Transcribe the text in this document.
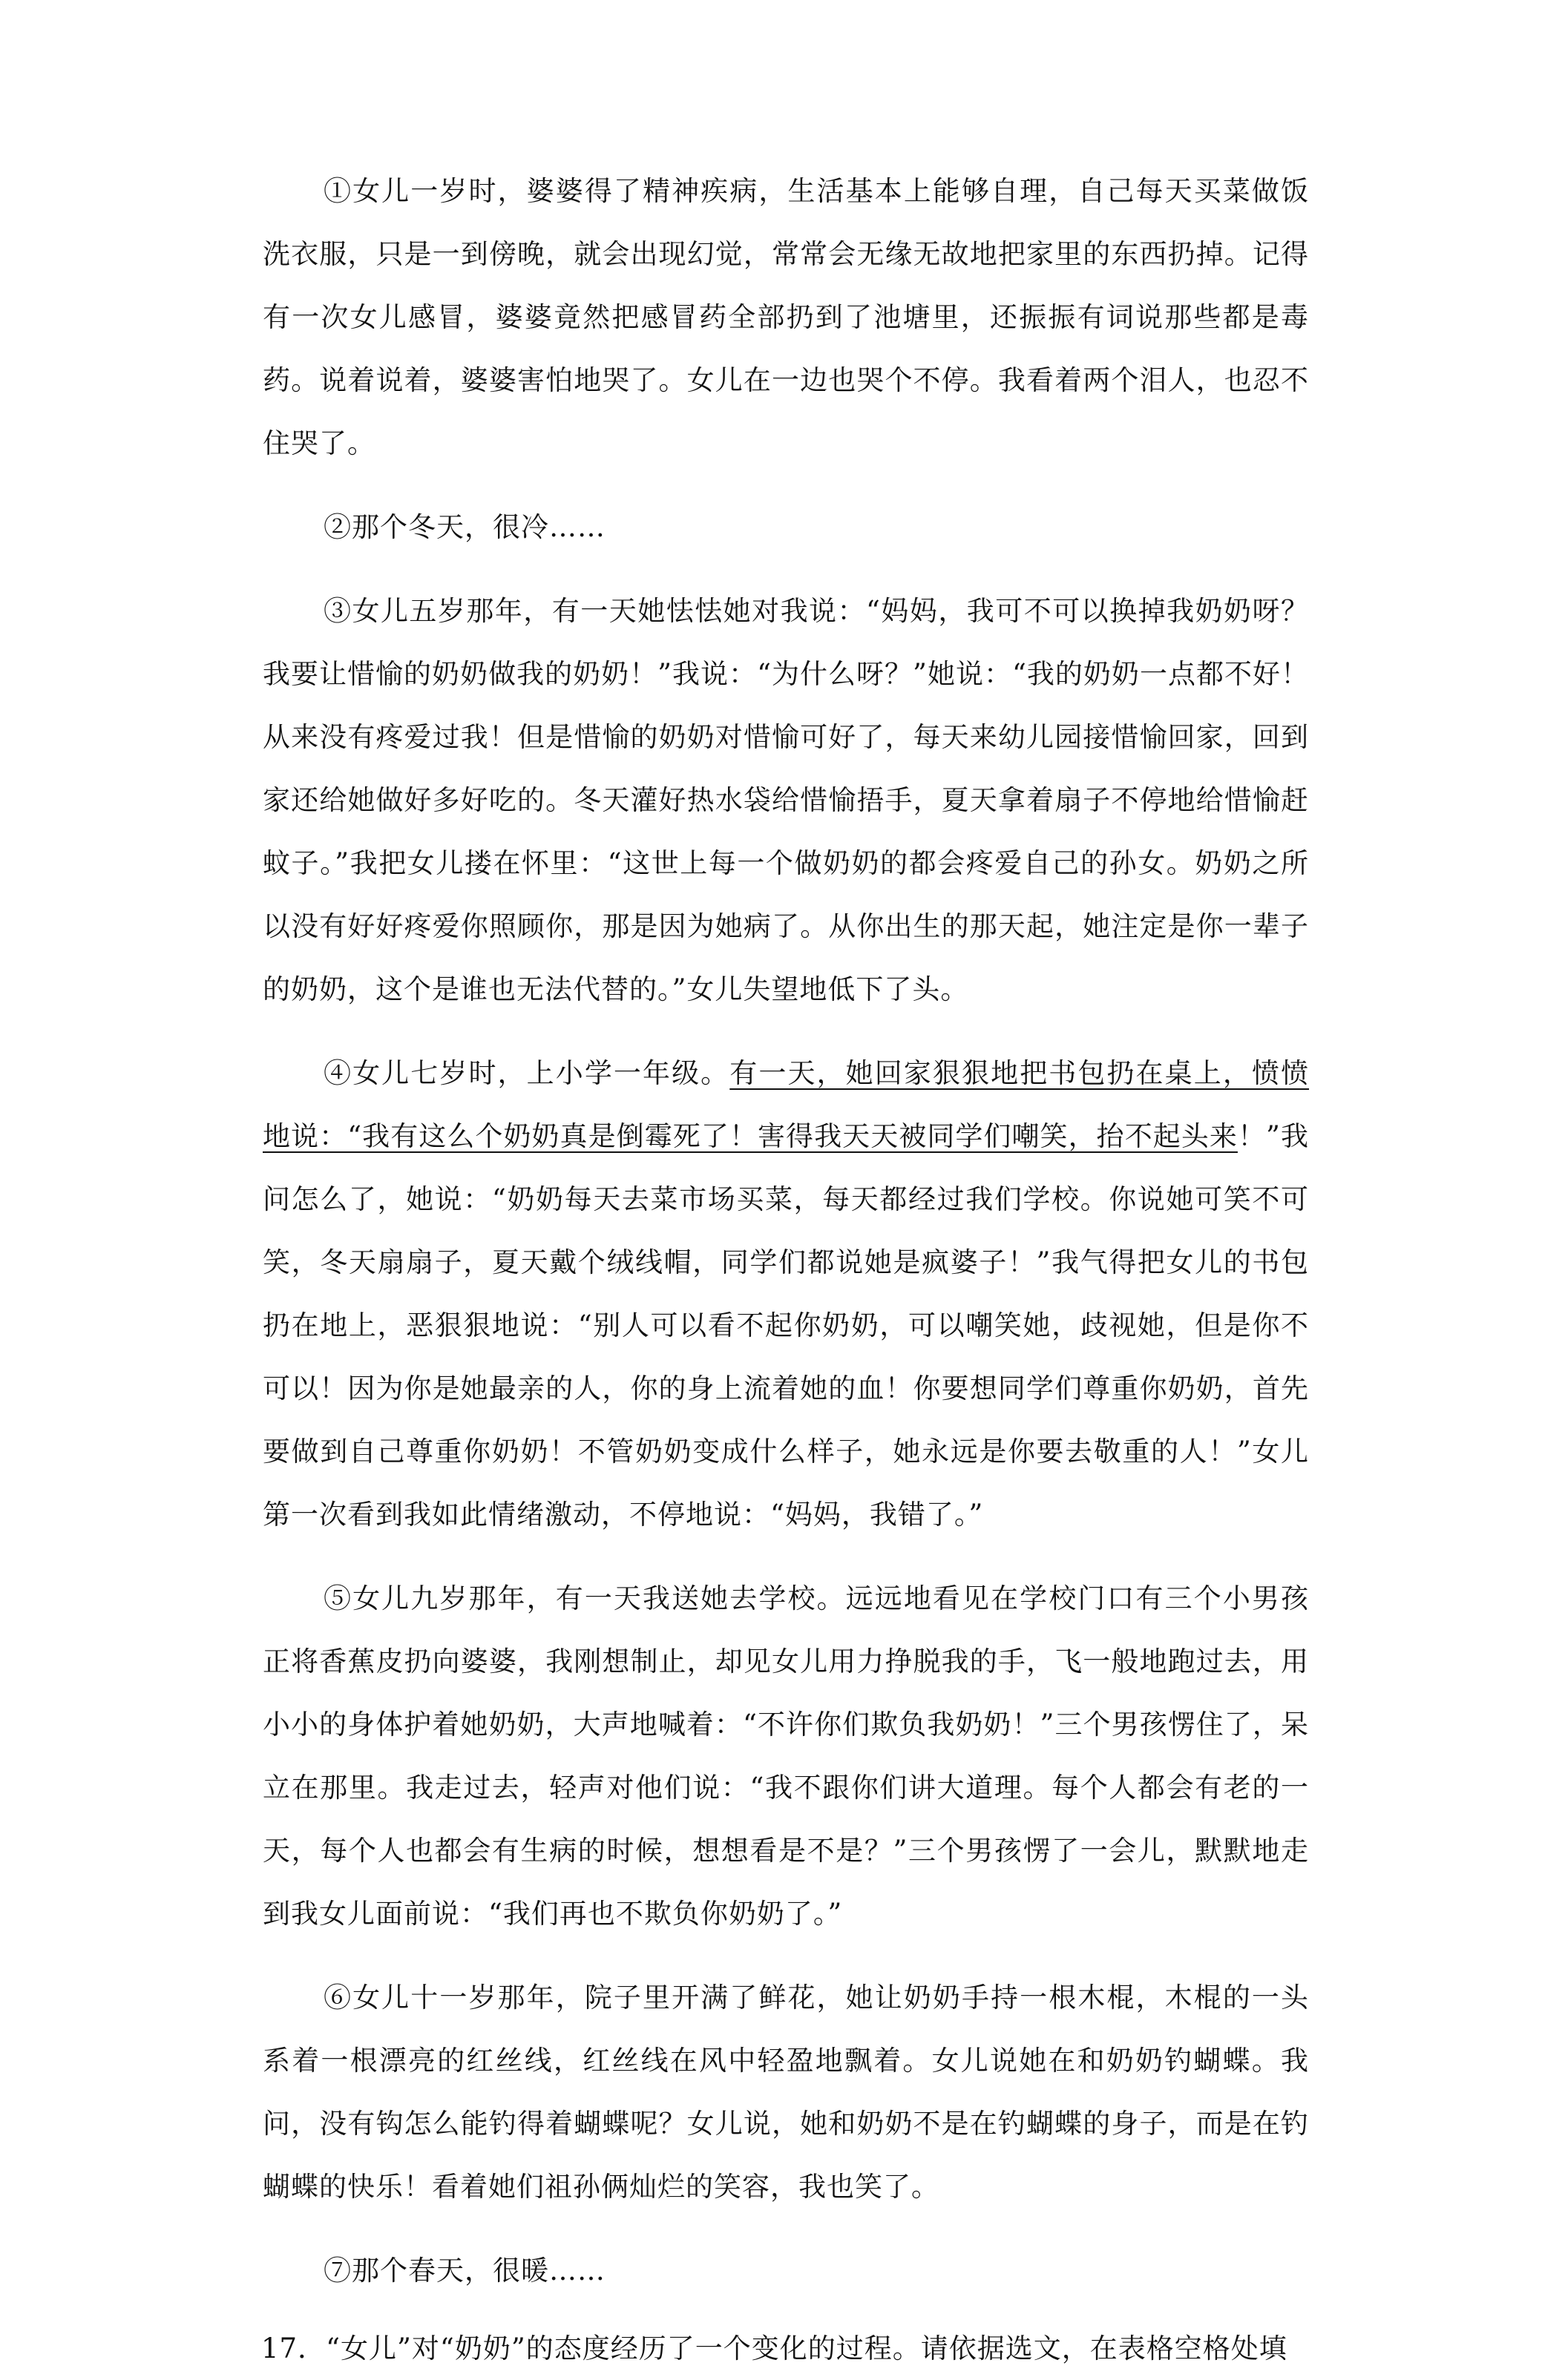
①女儿一岁时，婆婆得了精神疾病，生活基本上能够自理，自己每天买菜做饭洗衣服，只是一到傍晚，就会出现幻觉，常常会无缘无故地把家里的东西扔掉。记得有一次女儿感冒，婆婆竟然把感冒药全部扔到了池塘里，还振振有词说那些都是毒药。说着说着，婆婆害怕地哭了。女儿在一边也哭个不停。我看着两个泪人，也忍不住哭了。

②那个冬天，很冷……

③女儿五岁那年，有一天她怯怯她对我说：“妈妈，我可不可以换掉我奶奶呀？我要让惜愉的奶奶做我的奶奶！”我说：“为什么呀？”她说：“我的奶奶一点都不好！从来没有疼爱过我！但是惜愉的奶奶对惜愉可好了，每天来幼儿园接惜愉回家，回到家还给她做好多好吃的。冬天灌好热水袋给惜愉捂手，夏天拿着扇子不停地给惜愉赶蚊子。”我把女儿搂在怀里：“这世上每一个做奶奶的都会疼爱自己的孙女。奶奶之所以没有好好疼爱你照顾你，那是因为她病了。从你出生的那天起，她注定是你一辈子的奶奶，这个是谁也无法代替的。”女儿失望地低下了头。

④女儿七岁时，上小学一年级。有一天，她回家狠狠地把书包扔在桌上，愤愤地说：“我有这么个奶奶真是倒霉死了！害得我天天被同学们嘲笑，抬不起头来！”我问怎么了，她说：“奶奶每天去菜市场买菜，每天都经过我们学校。你说她可笑不可笑，冬天扇扇子，夏天戴个绒线帽，同学们都说她是疯婆子！”我气得把女儿的书包扔在地上，恶狠狠地说：“别人可以看不起你奶奶，可以嘲笑她，歧视她，但是你不可以！因为你是她最亲的人，你的身上流着她的血！你要想同学们尊重你奶奶，首先要做到自己尊重你奶奶！不管奶奶变成什么样子，她永远是你要去敬重的人！”女儿第一次看到我如此情绪激动，不停地说：“妈妈，我错了。”

⑤女儿九岁那年，有一天我送她去学校。远远地看见在学校门口有三个小男孩正将香蕉皮扔向婆婆，我刚想制止，却见女儿用力挣脱我的手，飞一般地跑过去，用小小的身体护着她奶奶，大声地喊着：“不许你们欺负我奶奶！”三个男孩愣住了，呆立在那里。我走过去，轻声对他们说：“我不跟你们讲大道理。每个人都会有老的一天，每个人也都会有生病的时候，想想看是不是？”三个男孩愣了一会儿，默默地走到我女儿面前说：“我们再也不欺负你奶奶了。”

⑥女儿十一岁那年，院子里开满了鲜花，她让奶奶手持一根木棍，木棍的一头系着一根漂亮的红丝线，红丝线在风中轻盈地飘着。女儿说她在和奶奶钓蝴蝶。我问，没有钩怎么能钓得着蝴蝶呢？女儿说，她和奶奶不是在钓蝴蝶的身子，而是在钓蝴蝶的快乐！看着她们祖孙俩灿烂的笑容，我也笑了。

⑦那个春天，很暖……

17．“女儿”对“奶奶”的态度经历了一个变化的过程。请依据选文，在表格空格处填
